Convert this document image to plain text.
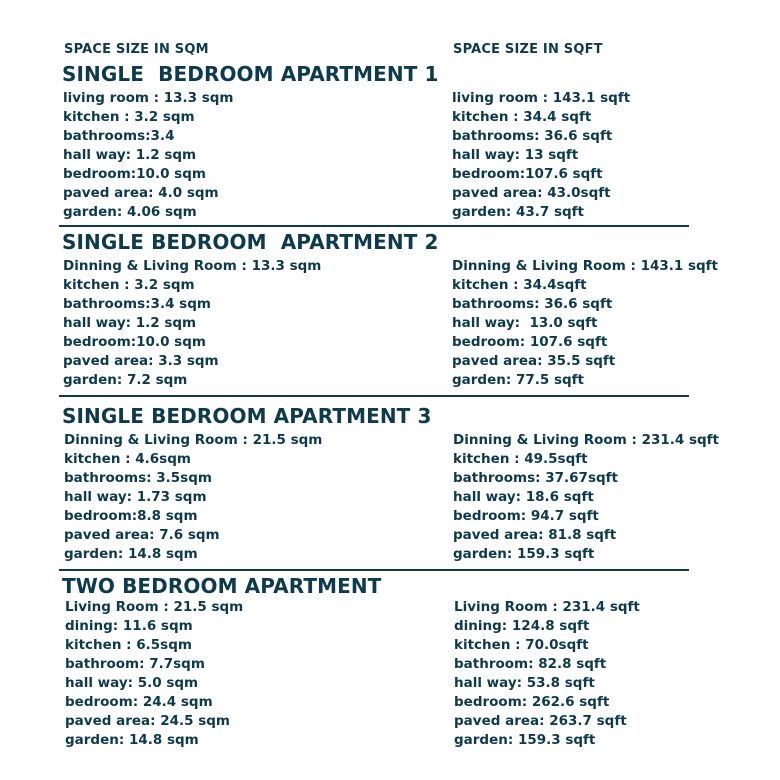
SPACE SIZE IN SQM	SPACE SIZE IN SQFT
SINGLE  BEDROOM APARTMENT 1
living room : 13.3 sqm
kitchen : 3.2 sqm
bathrooms:3.4
hall way: 1.2 sqm
bedroom:10.0 sqm
paved area: 4.0 sqm
garden: 4.06 sqm
living room : 143.1 sqft
kitchen : 34.4 sqft
bathrooms: 36.6 sqft
hall way: 13 sqft
bedroom:107.6 sqft
paved area: 43.0sqft
garden: 43.7 sqft
SINGLE BEDROOM  APARTMENT 2
Dinning & Living Room : 13.3 sqm
kitchen : 3.2 sqm
bathrooms:3.4 sqm
hall way: 1.2 sqm
bedroom:10.0 sqm
paved area: 3.3 sqm
garden: 7.2 sqm
Dinning & Living Room : 143.1 sqft
kitchen : 34.4sqft
bathrooms: 36.6 sqft
hall way:  13.0 sqft
bedroom: 107.6 sqft
paved area: 35.5 sqft
garden: 77.5 sqft
SINGLE BEDROOM APARTMENT 3
Dinning & Living Room : 21.5 sqm
kitchen : 4.6sqm
bathrooms: 3.5sqm
hall way: 1.73 sqm
bedroom:8.8 sqm
paved area: 7.6 sqm
garden: 14.8 sqm
Dinning & Living Room : 231.4 sqft
kitchen : 49.5sqft
bathrooms: 37.67sqft
hall way: 18.6 sqft
bedroom: 94.7 sqft
paved area: 81.8 sqft
garden: 159.3 sqft
TWO BEDROOM APARTMENT
Living Room : 21.5 sqm
dining: 11.6 sqm
kitchen : 6.5sqm
bathroom: 7.7sqm
hall way: 5.0 sqm
bedroom: 24.4 sqm
paved area: 24.5 sqm
garden: 14.8 sqm
Living Room : 231.4 sqft
dining: 124.8 sqft
kitchen : 70.0sqft
bathroom: 82.8 sqft
hall way: 53.8 sqft
bedroom: 262.6 sqft
paved area: 263.7 sqft
garden: 159.3 sqft
